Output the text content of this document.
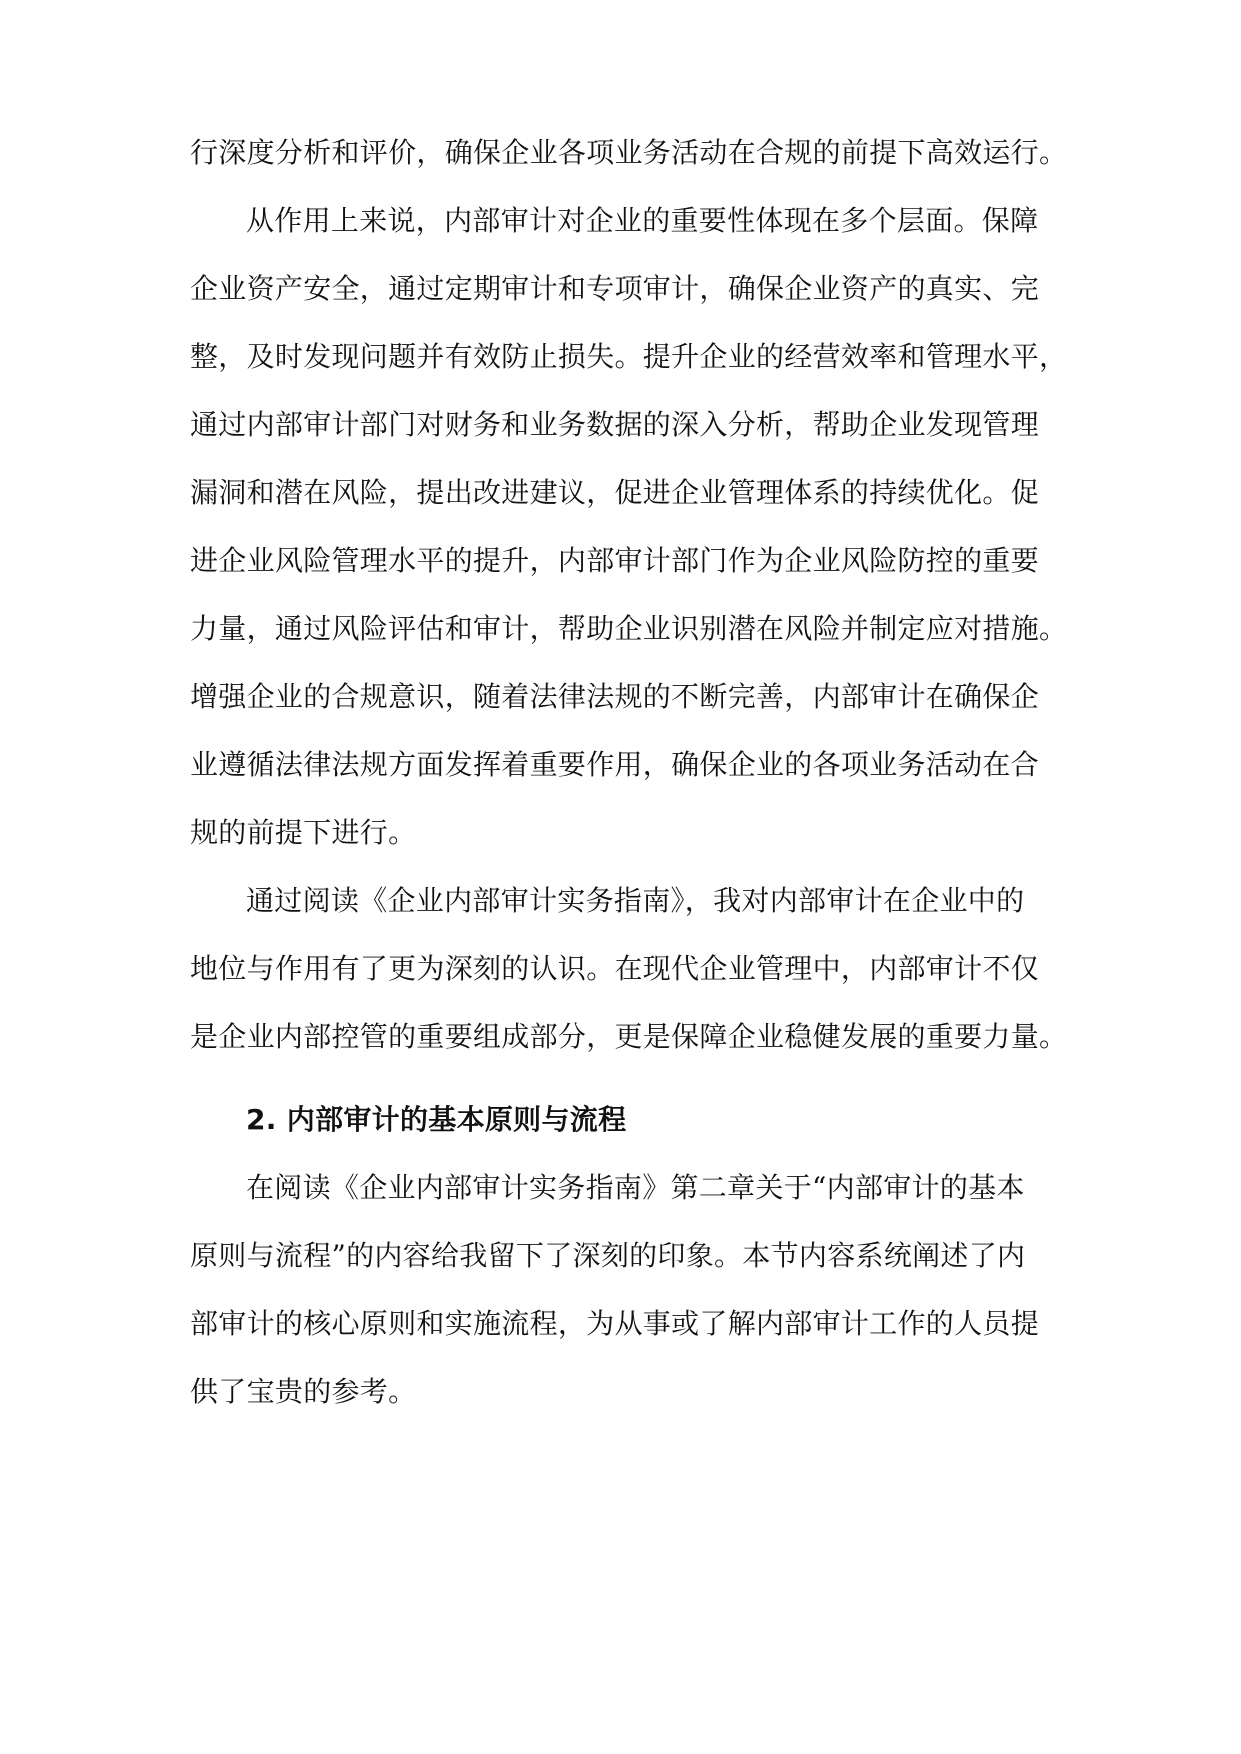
行深度分析和评价，确保企业各项业务活动在合规的前提下高效运行。
从作用上来说，内部审计对企业的重要性体现在多个层面。保障
企业资产安全，通过定期审计和专项审计，确保企业资产的真实、完
整，及时发现问题并有效防止损失。提升企业的经营效率和管理水平，
通过内部审计部门对财务和业务数据的深入分析，帮助企业发现管理
漏洞和潜在风险，提出改进建议，促进企业管理体系的持续优化。促
进企业风险管理水平的提升，内部审计部门作为企业风险防控的重要
力量，通过风险评估和审计，帮助企业识别潜在风险并制定应对措施。
增强企业的合规意识，随着法律法规的不断完善，内部审计在确保企
业遵循法律法规方面发挥着重要作用，确保企业的各项业务活动在合
规的前提下进行。
通过阅读《企业内部审计实务指南》，我对内部审计在企业中的
地位与作用有了更为深刻的认识。在现代企业管理中，内部审计不仅
是企业内部控管的重要组成部分，更是保障企业稳健发展的重要力量。
2. 内部审计的基本原则与流程
在阅读《企业内部审计实务指南》第二章关于“内部审计的基本
原则与流程”的内容给我留下了深刻的印象。本节内容系统阐述了内
部审计的核心原则和实施流程，为从事或了解内部审计工作的人员提
供了宝贵的参考。
